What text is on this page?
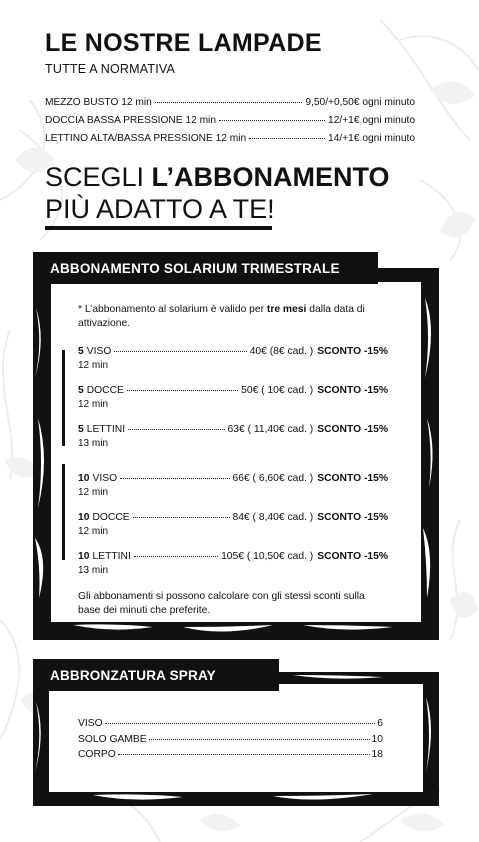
LE NOSTRE LAMPADE
TUTTE A NORMATIVA
MEZZO BUSTO 12 min	9,50/+0,50€ ogni minuto
DOCCIA BASSA PRESSIONE 12 min	12/+1€ ogni minuto
LETTINO ALTA/BASSA PRESSIONE 12 min	14/+1€ ogni minuto
SCEGLI L’ABBONAMENTO
PIÙ ADATTO A TE!
ABBONAMENTO SOLARIUM TRIMESTRALE
* L’abbonamento al solarium è valido per tre mesi dalla data di attivazione.
5 VISO	40€ (8€ cad. ) SCONTO -15%
12 min
5 DOCCE	50€ ( 10€ cad. ) SCONTO -15%
12 min
5 LETTINI	63€ ( 11,40€ cad. ) SCONTO -15%
13 min
10 VISO	66€ ( 6,60€ cad. ) SCONTO -15%
12 min
10 DOCCE	84€ ( 8,40€ cad. ) SCONTO -15%
12 min
10 LETTINI	105€ ( 10,50€ cad. ) SCONTO -15%
13 min
Gli abbonamenti si possono calcolare con gli stessi sconti sulla base dei minuti che preferite.
ABBRONZATURA SPRAY
VISO	6
SOLO GAMBE	10
CORPO	18
